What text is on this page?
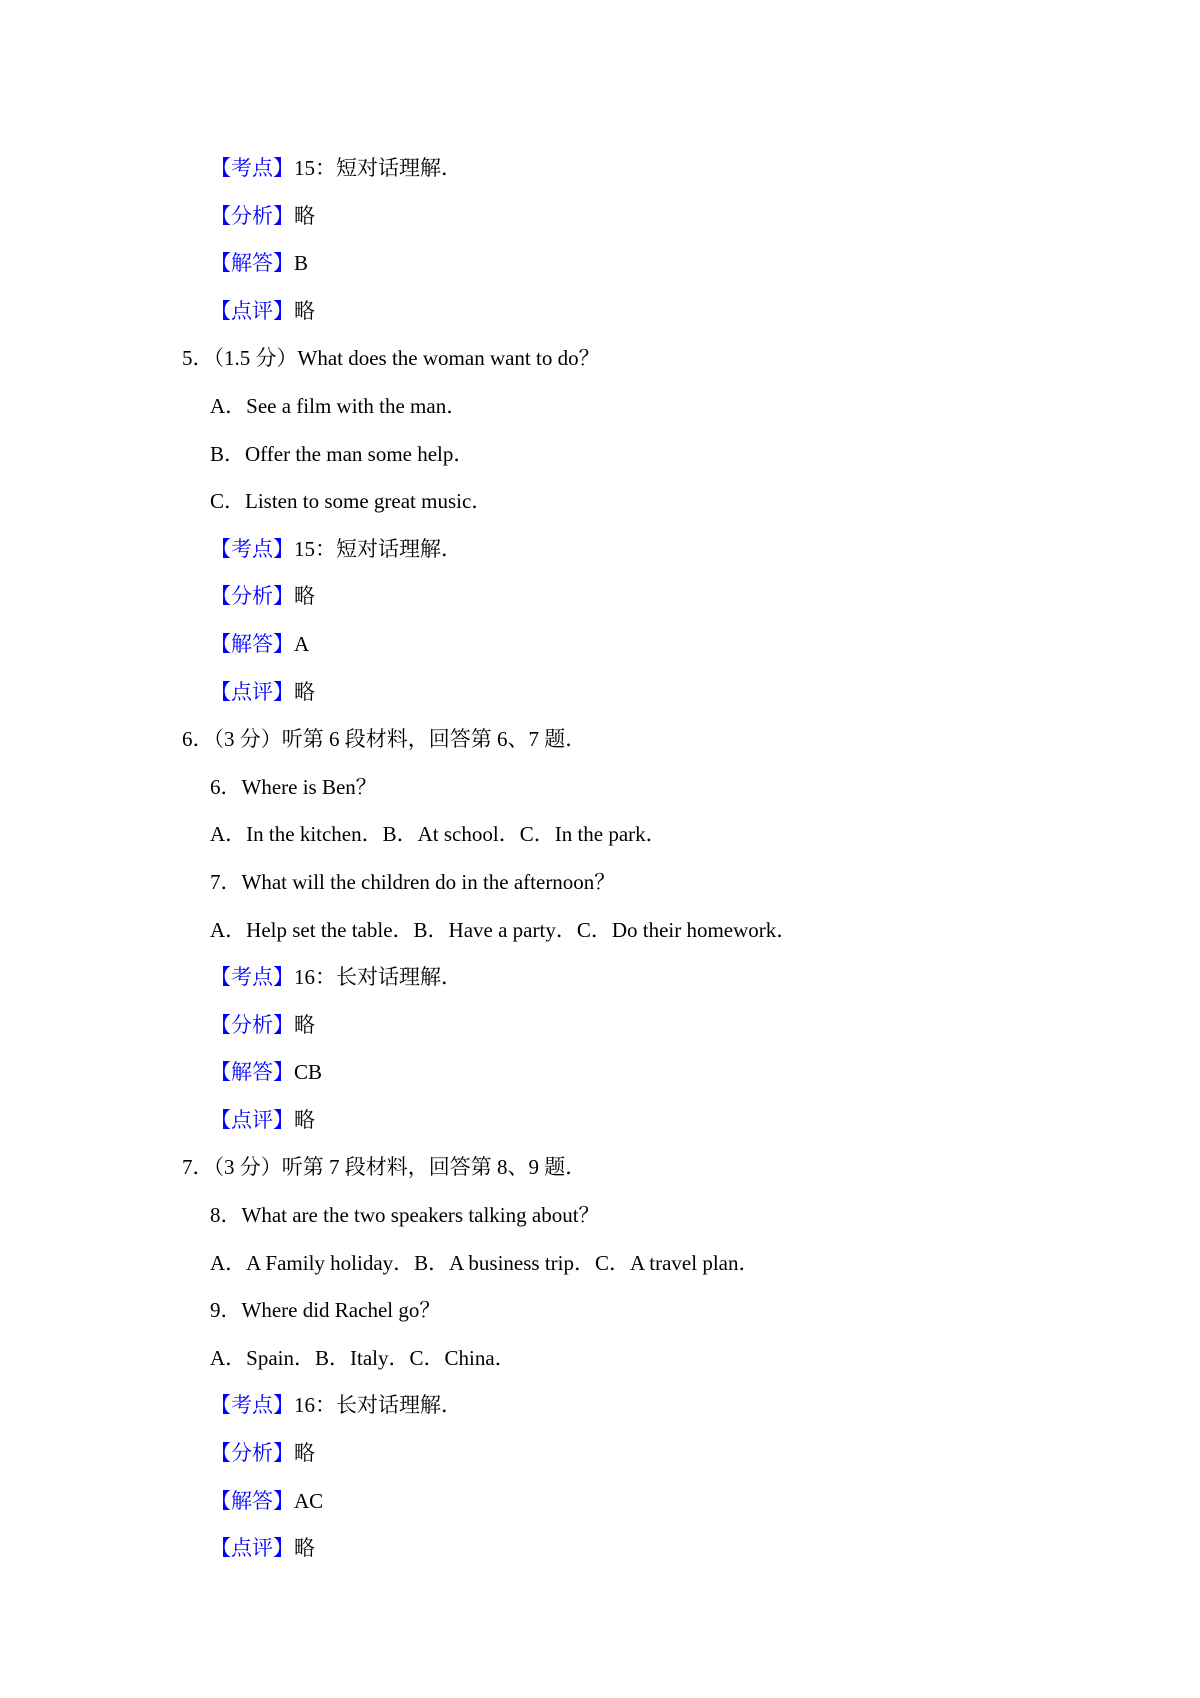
【考点】15：短对话理解．
【分析】略
【解答】B
【点评】略
5．（1.5 分）What does the woman want to do？
A．See a film with the man．
B．Offer the man some help．
C．Listen to some great music．
【考点】15：短对话理解．
【分析】略
【解答】A
【点评】略
6．（3 分）听第 6 段材料，回答第 6、7 题．
6．Where is Ben？
A．In the kitchen．B．At school．C．In the park．
7．What will the children do in the afternoon？
A．Help set the table．B．Have a party．C．Do their homework．
【考点】16：长对话理解．
【分析】略
【解答】CB
【点评】略
7．（3 分）听第 7 段材料，回答第 8、9 题．
8．What are the two speakers talking about？
A．A Family holiday．B．A business trip．C．A travel plan．
9．Where did Rachel go？
A．Spain．B．Italy．C．China．
【考点】16：长对话理解．
【分析】略
【解答】AC
【点评】略
